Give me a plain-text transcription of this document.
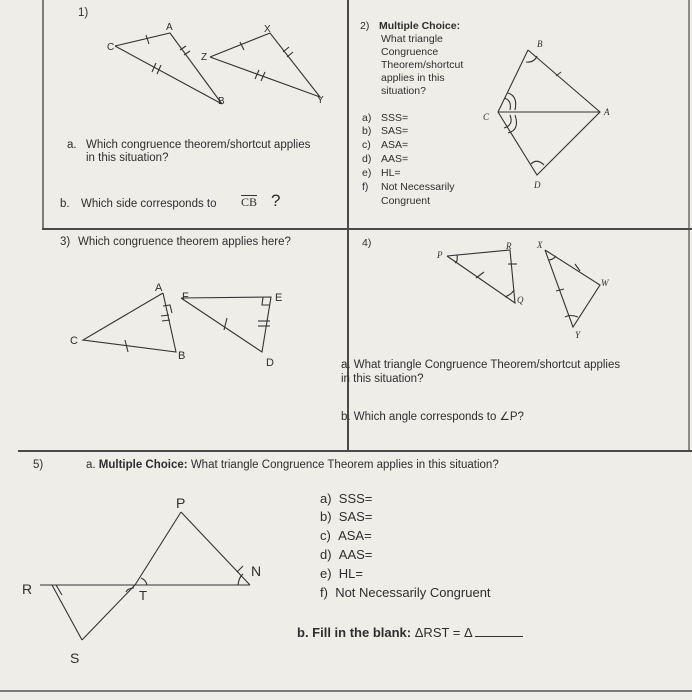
1)
A
C
Z
B
X
Y
B
C	A
D
A
F	E
C
B
D
P
R	X
W
Q
Y
P
N
R	T
S
a. Which congruence theorem/shortcut applies
in this situation?
b. Which side corresponds to CB ?
2) Multiple Choice:
What triangle
Congruence
Theorem/shortcut
applies in this
situation?
a) SSS=
b) SAS=
c) ASA=
d) AAS=
e) HL=
f) Not Necessarily
Congruent
3) Which congruence theorem applies here?	4)
a. What triangle Congruence Theorem/shortcut applies
in this situation?
b. Which angle corresponds to ∠P?
5)	a. Multiple Choice: What triangle Congruence Theorem applies in this situation?
a) SSS=
b) SAS=
c) ASA=
d) AAS=
e) HL=
f) Not Necessarily Congruent
b. Fill in the blank: ΔRST = Δ
